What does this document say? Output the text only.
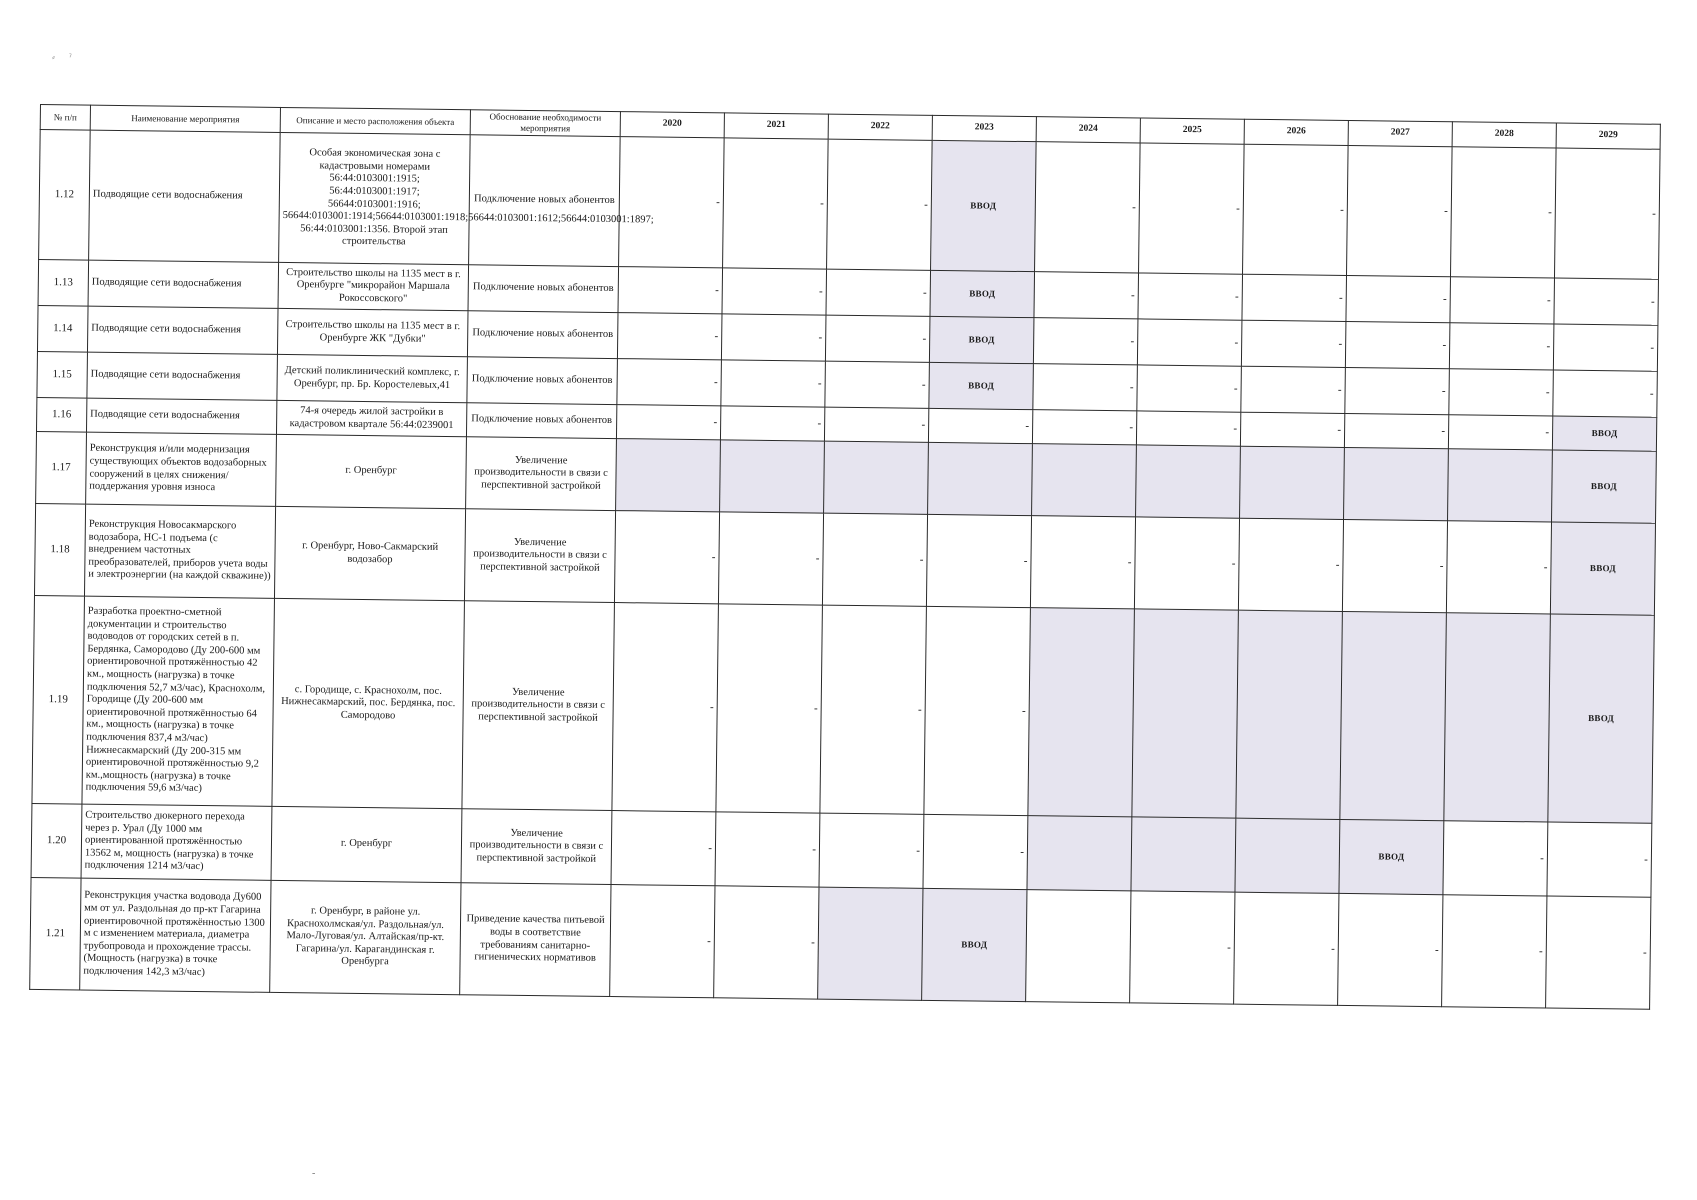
⸗ ˀ
№ п/п	Наименование мероприятия	Описание и место расположения объекта	Обоснование необходимости мероприятия	2020	2021	2022	2023	2024	2025	2026	2027	2028	2029
1.12	Подводящие сети водоснабжения	Особая экономическая зона с кадастровыми номерами 56:44:0103001:1915; 56:44:0103001:1917; 56644:0103001:1916; 56644:0103001:1914;56644:0103001:1918;56644:0103001:1612;56644:0103001:1897; 56:44:0103001:1356. Второй этап строительства	Подключение новых абонентов	-	-	-	ВВОД	-	-	-	-	-	-
1.13	Подводящие сети водоснабжения	Строительство школы на 1135 мест в г. Оренбурге "микрорайон Маршала Рокоссовского"	Подключение новых абонентов	-	-	-	ВВОД	-	-	-	-	-	-
1.14	Подводящие сети водоснабжения	Строительство школы на 1135 мест в г. Оренбурге ЖК "Дубки"	Подключение новых абонентов	-	-	-	ВВОД	-	-	-	-	-	-
1.15	Подводящие сети водоснабжения	Детский поликлинический комплекс, г. Оренбург, пр. Бр. Коростелевых,41	Подключение новых абонентов	-	-	-	ВВОД	-	-	-	-	-	-
1.16	Подводящие сети водоснабжения	74-я очередь жилой застройки в кадастровом квартале 56:44:0239001	Подключение новых абонентов	-	-	-	-	-	-	-	-	-	ВВОД
1.17	Реконструкция и/или модернизация существующих объектов водозаборных сооружений в целях снижения/поддержания уровня износа	г. Оренбург	Увеличение производительности в связи с перспективной застройкой										ВВОД
1.18	Реконструкция Новосакмарского водозабора, НС-1 подъема (с внедрением частотных преобразователей, приборов учета воды и электроэнергии (на каждой скважине))	г. Оренбург, Ново-Сакмарский водозабор	Увеличение производительности в связи с перспективной застройкой	-	-	-	-	-	-	-	-	-	ВВОД
1.19	Разработка проектно-сметной документации и строительство водоводов от городских сетей в п. Бердянка, Самородово (Ду 200-600 мм ориентировочной протяжённостью 42 км., мощность (нагрузка) в точке подключения 52,7 м3/час), Краснохолм, Городище (Ду 200-600 мм ориентировочной протяжённостью 64 км., мощность (нагрузка) в точке подключения 837,4 м3/час) Нижнесакмарский (Ду 200-315 мм ориентировочной протяжённостью 9,2 км.,мощность (нагрузка) в точке подключения 59,6 м3/час)	с. Городище, с. Краснохолм, пос. Нижнесакмарский, пос. Бердянка, пос. Самородово	Увеличение производительности в связи с перспективной застройкой	-	-	-	-						ВВОД
1.20	Строительство дюкерного перехода через р. Урал (Ду 1000 мм ориентированной протяжённостью 13562 м, мощность (нагрузка) в точке подключения 1214 м3/час)	г. Оренбург	Увеличение производительности в связи с перспективной застройкой	-	-	-	-				ВВОД	-	-
1.21	Реконструкция участка водовода Ду600 мм от ул. Раздольная до пр-кт Гагарина ориентировочной протяжённостью 1300 м с изменением материала, диаметра трубопровода и прохождение трассы. (Мощность (нагрузка) в точке подключения 142,3 м3/час)	г. Оренбург, в районе ул. Краснохолмская/ул. Раздольная/ул. Мало-Луговая/ул. Алтайская/пр-кт. Гагарина/ул. Карагандинская г. Оренбурга	Приведение качества питьевой воды в соответствие требованиям санитарно-гигиенических нормативов	-	-		ВВОД		-	-	-	-	-
-
